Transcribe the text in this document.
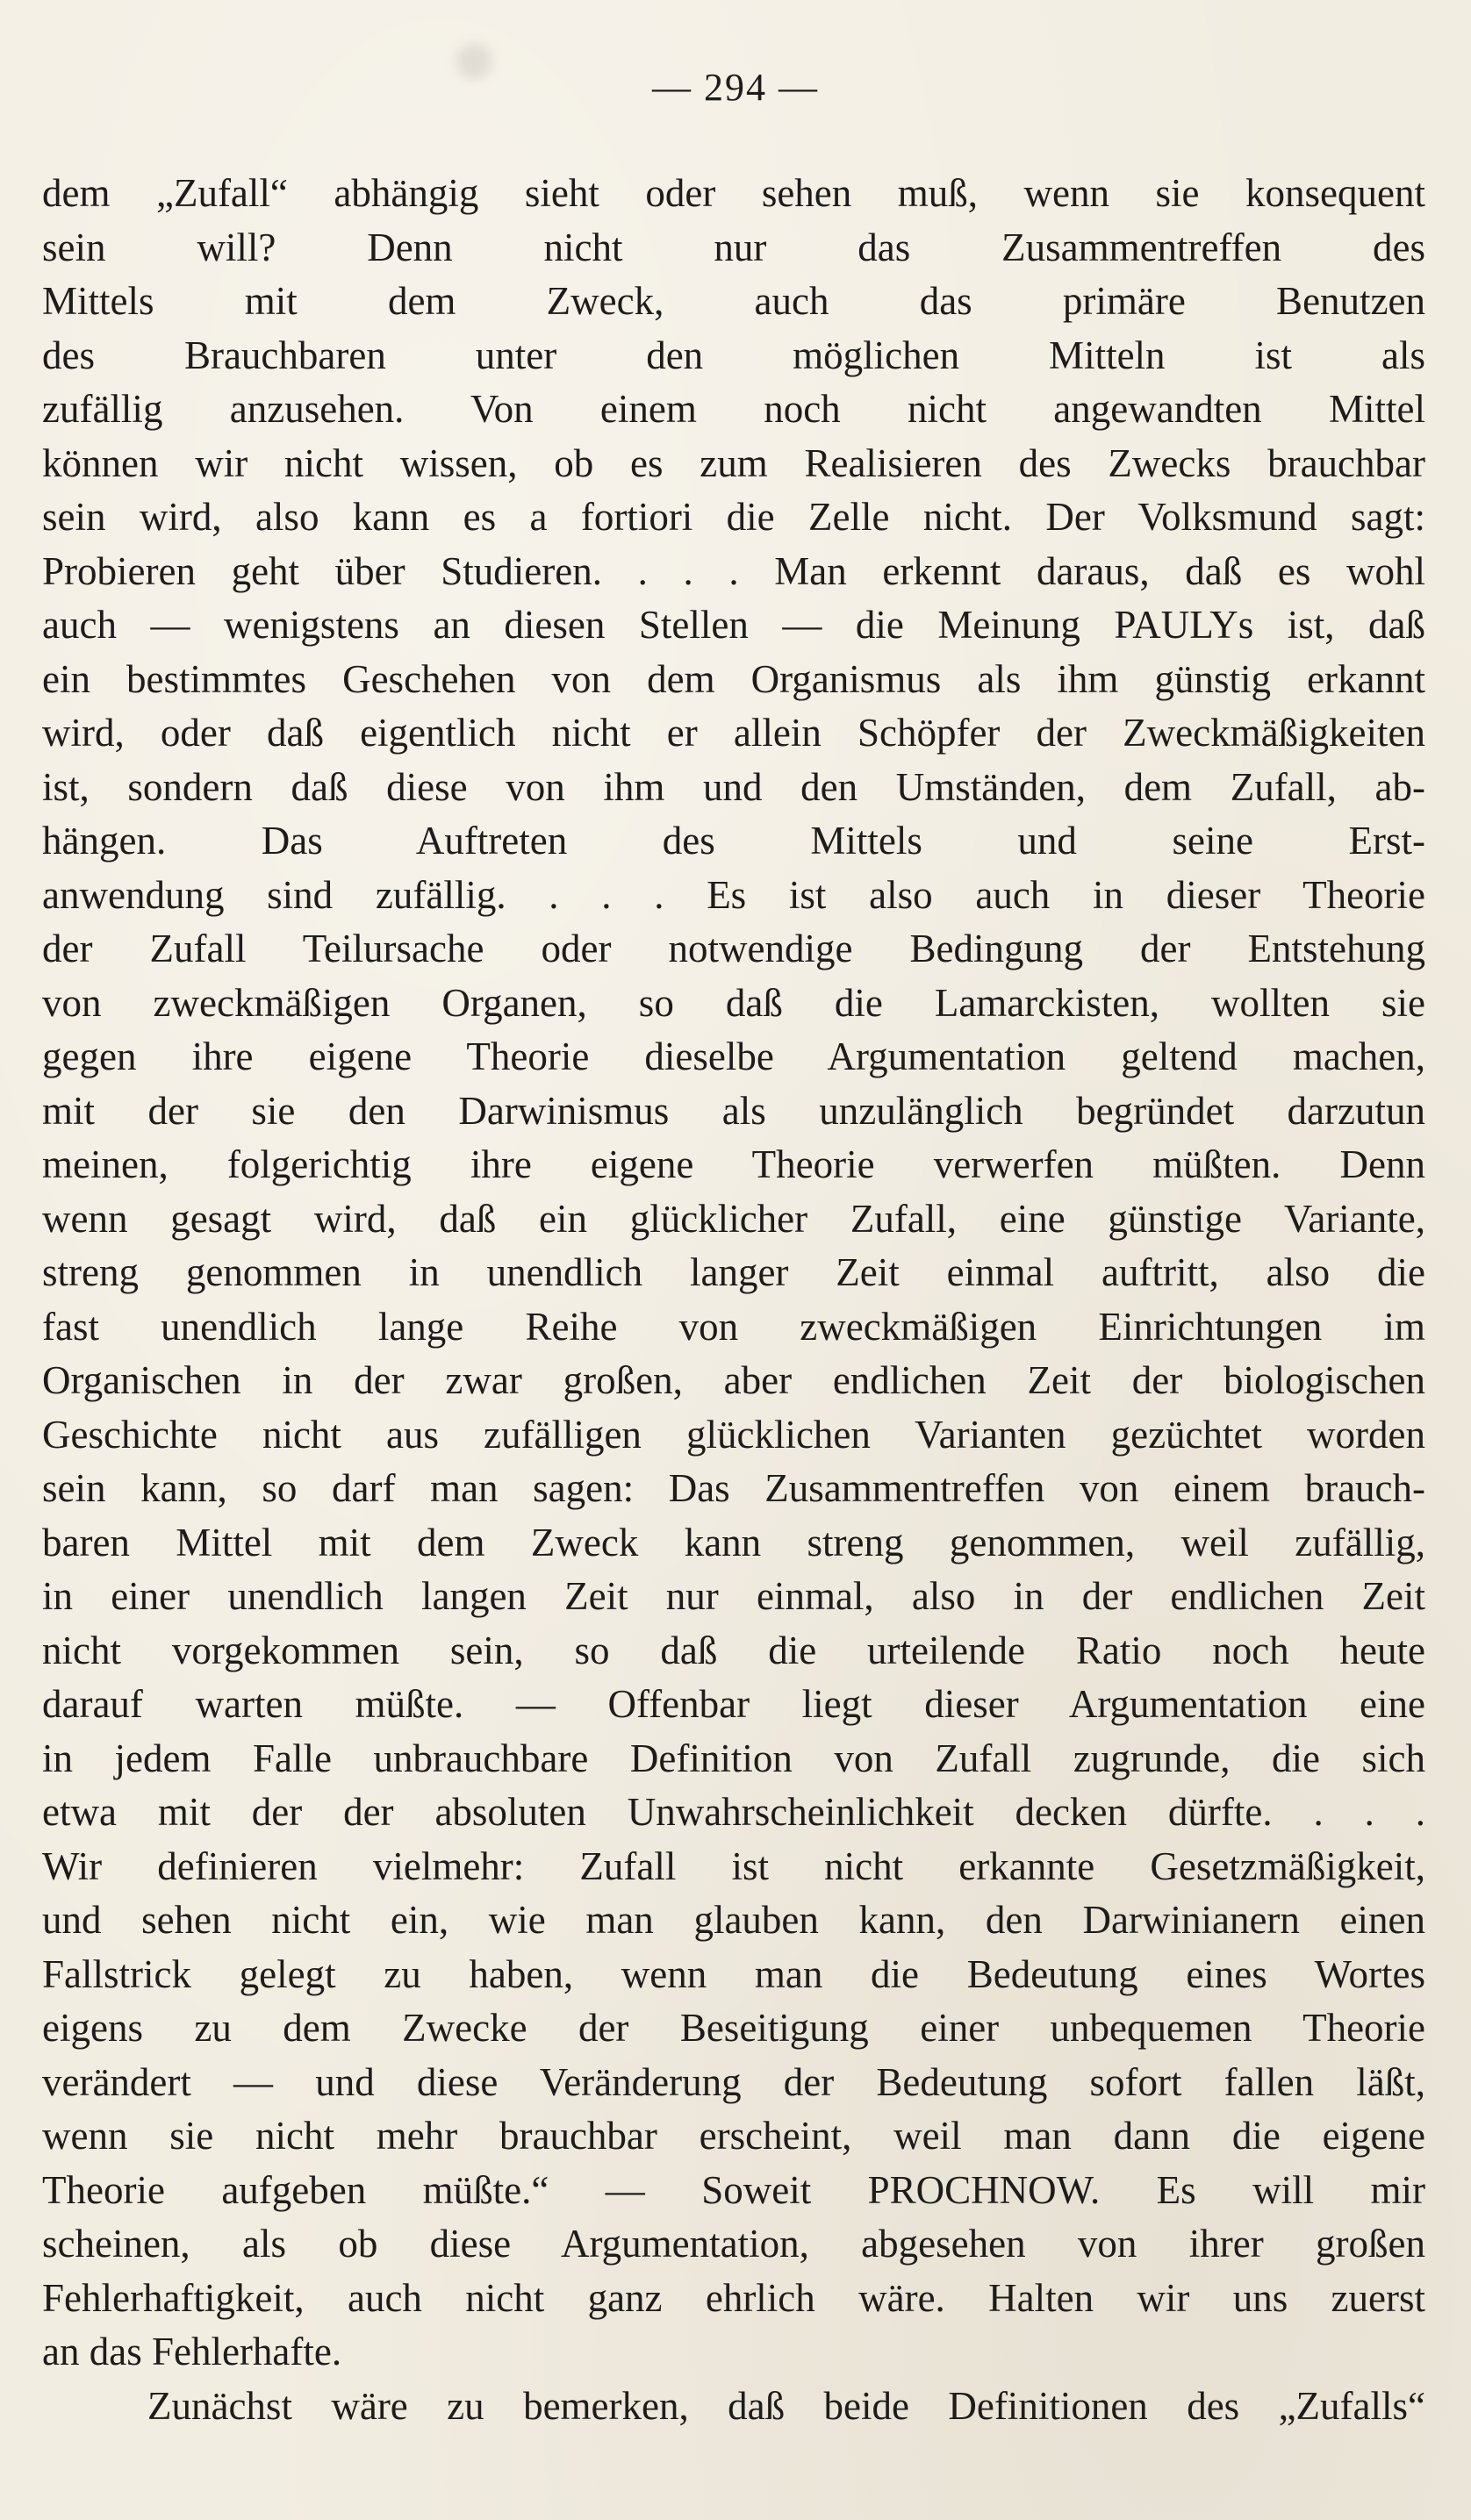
— 294 —
dem „Zufall“ abhängig sieht oder sehen muß, wenn sie konsequent
sein will? Denn nicht nur das Zusammentreffen des
Mittels mit dem Zweck, auch das primäre Benutzen
des Brauchbaren unter den möglichen Mitteln ist als
zufällig anzusehen. Von einem noch nicht angewandten Mittel
können wir nicht wissen, ob es zum Realisieren des Zwecks brauchbar
sein wird, also kann es a fortiori die Zelle nicht. Der Volksmund sagt:
Probieren geht über Studieren. . . . Man erkennt daraus, daß es wohl
auch — wenigstens an diesen Stellen — die Meinung PAULYs ist, daß
ein bestimmtes Geschehen von dem Organismus als ihm günstig erkannt
wird, oder daß eigentlich nicht er allein Schöpfer der Zweckmäßigkeiten
ist, sondern daß diese von ihm und den Umständen, dem Zufall, ab-
hängen. Das Auftreten des Mittels und seine Erst-
anwendung sind zufällig. . . . Es ist also auch in dieser Theorie
der Zufall Teilursache oder notwendige Bedingung der Entstehung
von zweckmäßigen Organen, so daß die Lamarckisten, wollten sie
gegen ihre eigene Theorie dieselbe Argumentation geltend machen,
mit der sie den Darwinismus als unzulänglich begründet darzutun
meinen, folgerichtig ihre eigene Theorie verwerfen müßten. Denn
wenn gesagt wird, daß ein glücklicher Zufall, eine günstige Variante,
streng genommen in unendlich langer Zeit einmal auftritt, also die
fast unendlich lange Reihe von zweckmäßigen Einrichtungen im
Organischen in der zwar großen, aber endlichen Zeit der biologischen
Geschichte nicht aus zufälligen glücklichen Varianten gezüchtet worden
sein kann, so darf man sagen: Das Zusammentreffen von einem brauch-
baren Mittel mit dem Zweck kann streng genommen, weil zufällig,
in einer unendlich langen Zeit nur einmal, also in der endlichen Zeit
nicht vorgekommen sein, so daß die urteilende Ratio noch heute
darauf warten müßte. — Offenbar liegt dieser Argumentation eine
in jedem Falle unbrauchbare Definition von Zufall zugrunde, die sich
etwa mit der der absoluten Unwahrscheinlichkeit decken dürfte. . . .
Wir definieren vielmehr: Zufall ist nicht erkannte Gesetzmäßigkeit,
und sehen nicht ein, wie man glauben kann, den Darwinianern einen
Fallstrick gelegt zu haben, wenn man die Bedeutung eines Wortes
eigens zu dem Zwecke der Beseitigung einer unbequemen Theorie
verändert — und diese Veränderung der Bedeutung sofort fallen läßt,
wenn sie nicht mehr brauchbar erscheint, weil man dann die eigene
Theorie aufgeben müßte.“ — Soweit PROCHNOW. Es will mir
scheinen, als ob diese Argumentation, abgesehen von ihrer großen
Fehlerhaftigkeit, auch nicht ganz ehrlich wäre. Halten wir uns zuerst
an das Fehlerhafte.
Zunächst wäre zu bemerken, daß beide Definitionen des „Zufalls“
